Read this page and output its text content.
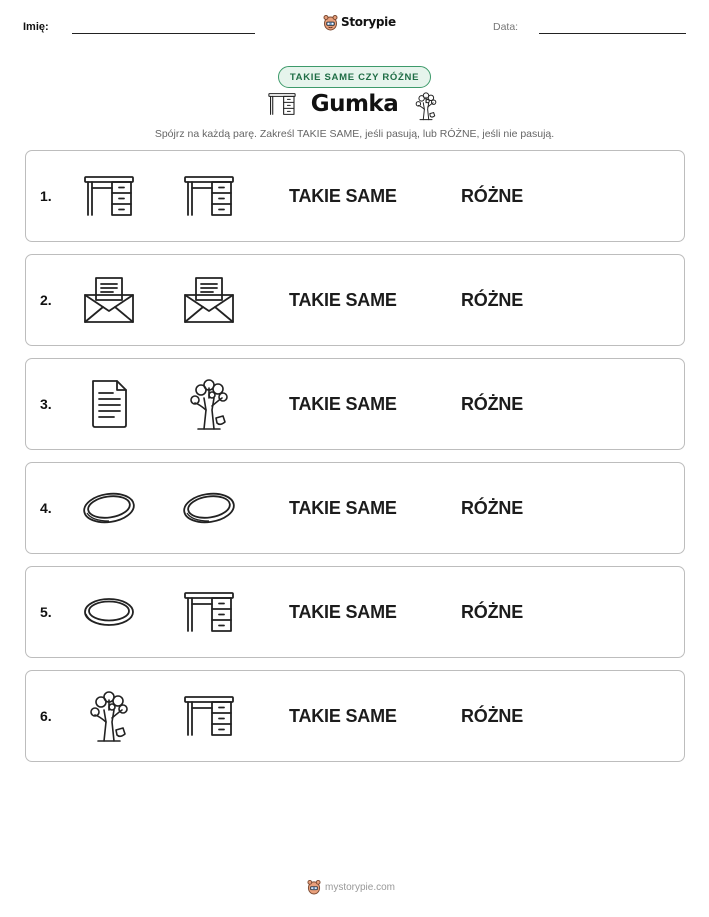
Imię:	Storypie	Data:
TAKIE SAME CZY RÓŻNE
Gumka
Spójrz na każdą parę. Zakreśl TAKIE SAME, jeśli pasują, lub RÓŻNE, jeśli nie pasują.
1.	TAKIE SAME	RÓŻNE
2.	TAKIE SAME	RÓŻNE
3.	TAKIE SAME	RÓŻNE
4.	TAKIE SAME	RÓŻNE
5.	TAKIE SAME	RÓŻNE
6.	TAKIE SAME	RÓŻNE
mystorypie.com
